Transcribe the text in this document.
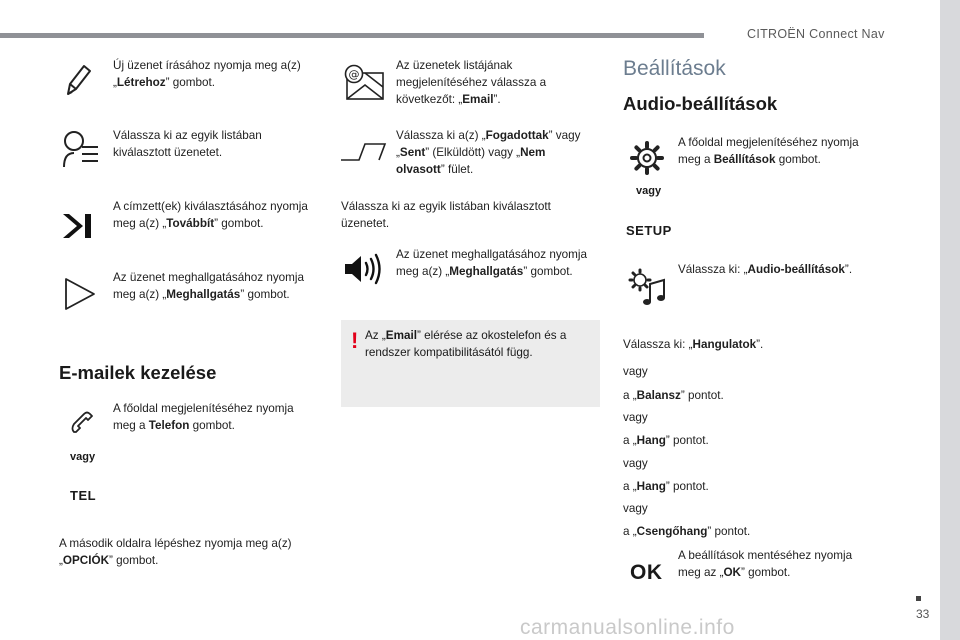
CITROËN Connect Nav
33
carmanualsonline.info
Új üzenet írásához nyomja meg a(z) „Létrehoz” gombot.
Válassza ki az egyik listában kiválasztott üzenetet.
A címzett(ek) kiválasztásához nyomja meg a(z) „Továbbít” gombot.
Az üzenet meghallgatásához nyomja meg a(z) „Meghallgatás” gombot.
E-mailek kezelése
A főoldal megjelenítéséhez nyomja meg a Telefon gombot.
vagy
TEL
A második oldalra lépéshez nyomja meg a(z) „OPCIÓK” gombot.
@
Az üzenetek listájának megjelenítéséhez válassza a következőt: „Email”.
Válassza ki a(z) „Fogadottak” vagy „Sent” (Elküldött) vagy „Nem olvasott” fület.
Válassza ki az egyik listában kiválasztott üzenetet.
Az üzenet meghallgatásához nyomja meg a(z) „Meghallgatás” gombot.
! Az „Email” elérése az okostelefon és a rendszer kompatibilitásától függ.
Beállítások
Audio-beállítások
A főoldal megjelenítéséhez nyomja meg a Beállítások gombot.
vagy
SETUP
Válassza ki: „Audio-beállítások”.
Válassza ki: „Hangulatok”.
vagy
a „Balansz” pontot.
vagy
a „Hang” pontot.
vagy
a „Hang” pontot.
vagy
a „Csengőhang” pontot.
OK
A beállítások mentéséhez nyomja meg az „OK” gombot.
